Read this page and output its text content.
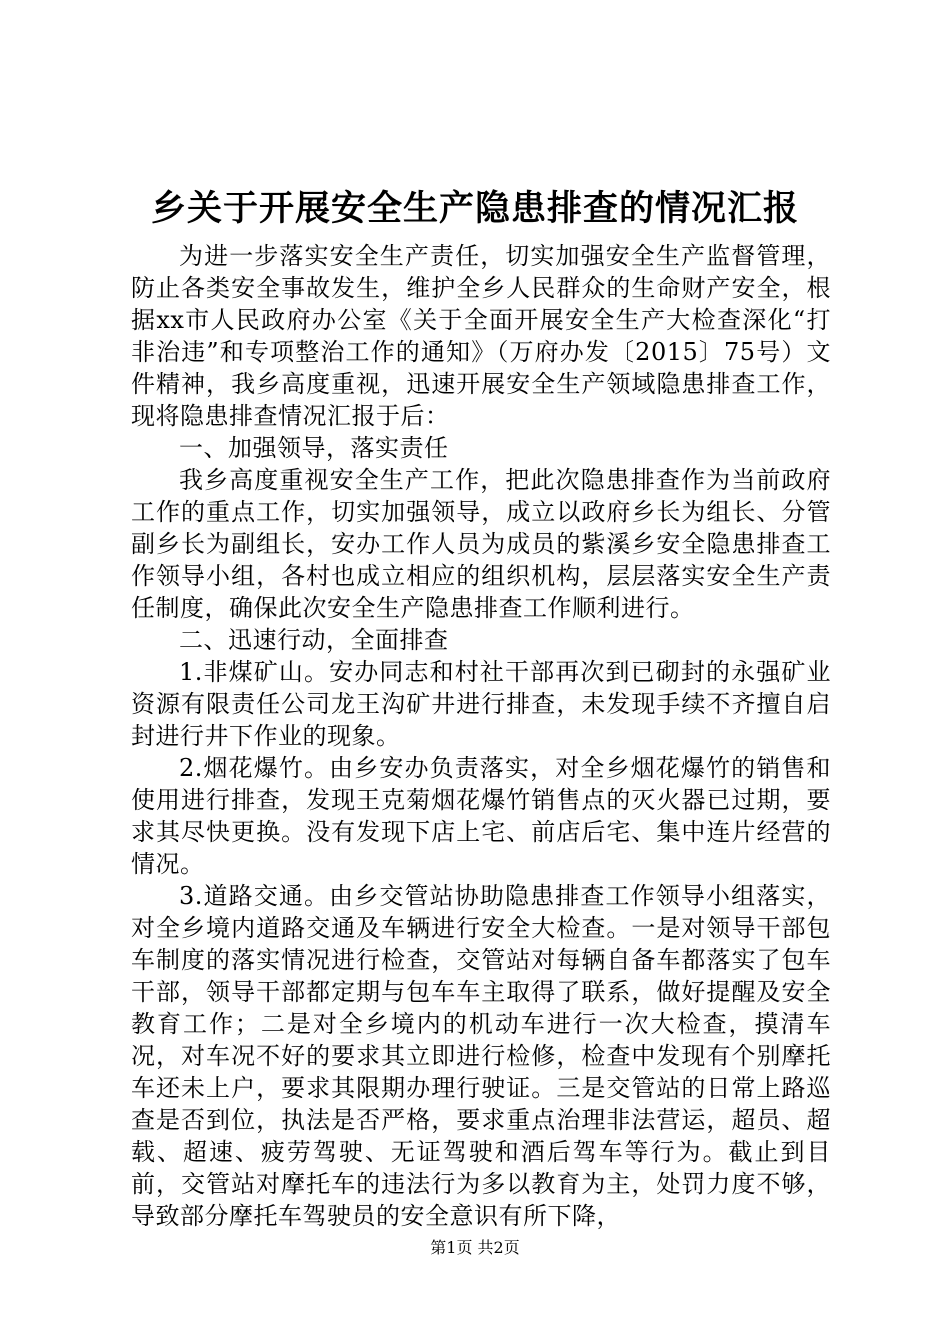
乡关于开展安全生产隐患排查的情况汇报

为进一步落实安全生产责任，切实加强安全生产监督管理，防止各类安全事故发生，维护全乡人民群众的生命财产安全，根据xx市人民政府办公室《关于全面开展安全生产大检查深化“打非治违”和专项整治工作的通知》（万府办发〔2015〕75号）文件精神，我乡高度重视，迅速开展安全生产领域隐患排查工作，现将隐患排查情况汇报于后：

一、加强领导，落实责任

我乡高度重视安全生产工作，把此次隐患排查作为当前政府工作的重点工作，切实加强领导，成立以政府乡长为组长、分管副乡长为副组长，安办工作人员为成员的紫溪乡安全隐患排查工作领导小组，各村也成立相应的组织机构，层层落实安全生产责任制度，确保此次安全生产隐患排查工作顺利进行。

二、迅速行动，全面排查

1.非煤矿山。安办同志和村社干部再次到已砌封的永强矿业资源有限责任公司龙王沟矿井进行排查，未发现手续不齐擅自启封进行井下作业的现象。

2.烟花爆竹。由乡安办负责落实，对全乡烟花爆竹的销售和使用进行排查，发现王克菊烟花爆竹销售点的灭火器已过期，要求其尽快更换。没有发现下店上宅、前店后宅、集中连片经营的情况。

3.道路交通。由乡交管站协助隐患排查工作领导小组落实，对全乡境内道路交通及车辆进行安全大检查。一是对领导干部包车制度的落实情况进行检查，交管站对每辆自备车都落实了包车干部，领导干部都定期与包车车主取得了联系，做好提醒及安全教育工作；二是对全乡境内的机动车进行一次大检查，摸清车况，对车况不好的要求其立即进行检修，检查中发现有个别摩托车还未上户，要求其限期办理行驶证。三是交管站的日常上路巡查是否到位，执法是否严格，要求重点治理非法营运，超员、超载、超速、疲劳驾驶、无证驾驶和酒后驾车等行为。截止到目前，交管站对摩托车的违法行为多以教育为主，处罚力度不够，导致部分摩托车驾驶员的安全意识有所下降，

第1页 共2页
